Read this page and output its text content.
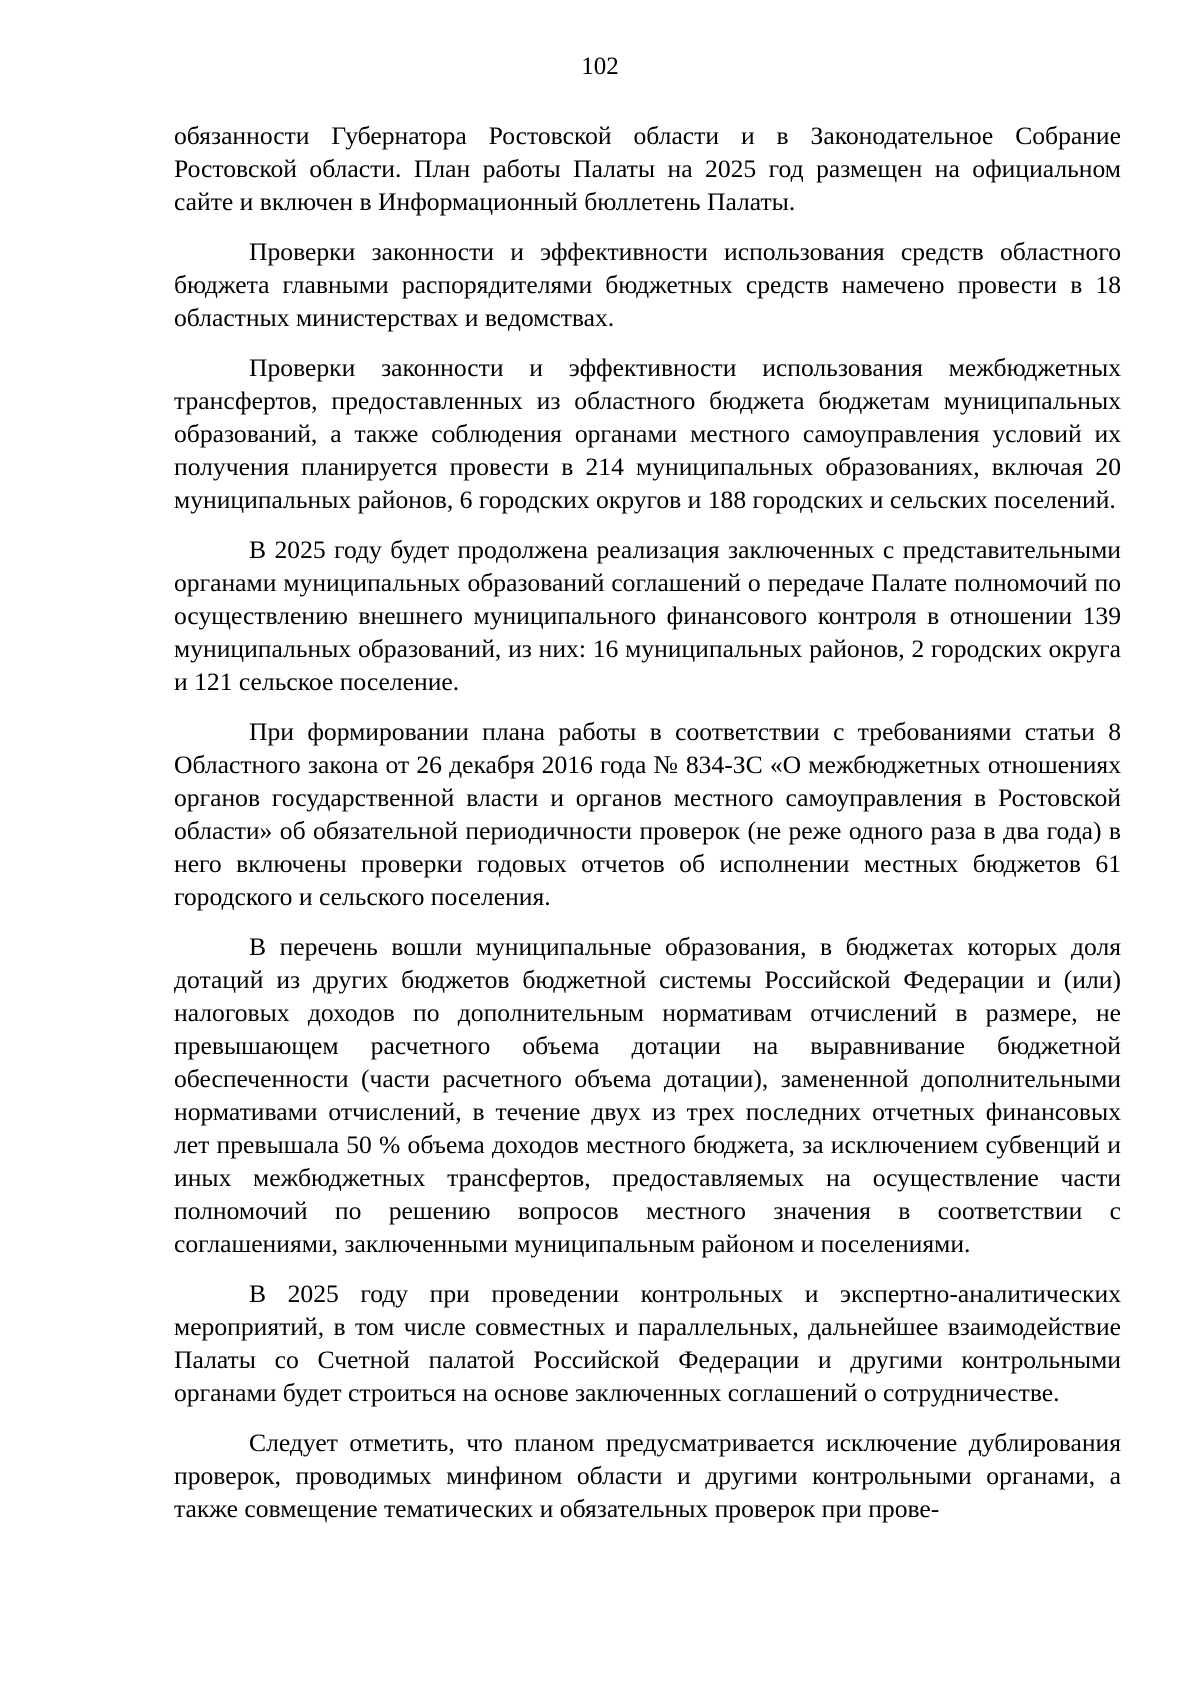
102

обязанности Губернатора Ростовской области и в Законодательное Собрание Ростовской области. План работы Палаты на 2025 год размещен на официальном сайте и включен в Информационный бюллетень Палаты.

Проверки законности и эффективности использования средств областного бюджета главными распорядителями бюджетных средств намечено провести в 18 областных министерствах и ведомствах.

Проверки законности и эффективности использования межбюджетных трансфертов, предоставленных из областного бюджета бюджетам муниципальных образований, а также соблюдения органами местного самоуправления условий их получения планируется провести в 214 муниципальных образованиях, включая 20 муниципальных районов, 6 городских округов и 188 городских и сельских поселений.

В 2025 году будет продолжена реализация заключенных с представительными органами муниципальных образований соглашений о передаче Палате полномочий по осуществлению внешнего муниципального финансового контроля в отношении 139 муниципальных образований, из них: 16 муниципальных районов, 2 городских округа и 121 сельское поселение.

При формировании плана работы в соответствии с требованиями статьи 8 Областного закона от 26 декабря 2016 года № 834-ЗС «О межбюджетных отношениях органов государственной власти и органов местного самоуправления в Ростовской области» об обязательной периодичности проверок (не реже одного раза в два года) в него включены проверки годовых отчетов об исполнении местных бюджетов 61 городского и сельского поселения.

В перечень вошли муниципальные образования, в бюджетах которых доля дотаций из других бюджетов бюджетной системы Российской Федерации и (или) налоговых доходов по дополнительным нормативам отчислений в размере, не превышающем расчетного объема дотации на выравнивание бюджетной обеспеченности (части расчетного объема дотации), замененной дополнительными нормативами отчислений, в течение двух из трех последних отчетных финансовых лет превышала 50 % объема доходов местного бюджета, за исключением субвенций и иных межбюджетных трансфертов, предоставляемых на осуществление части полномочий по решению вопросов местного значения в соответствии с соглашениями, заключенными муниципальным районом и поселениями.

В 2025 году при проведении контрольных и экспертно-аналитических мероприятий, в том числе совместных и параллельных, дальнейшее взаимодействие Палаты со Счетной палатой Российской Федерации и другими контрольными органами будет строиться на основе заключенных соглашений о сотрудничестве.

Следует отметить, что планом предусматривается исключение дублирования проверок, проводимых минфином области и другими контрольными органами, а также совмещение тематических и обязательных проверок при прове-
